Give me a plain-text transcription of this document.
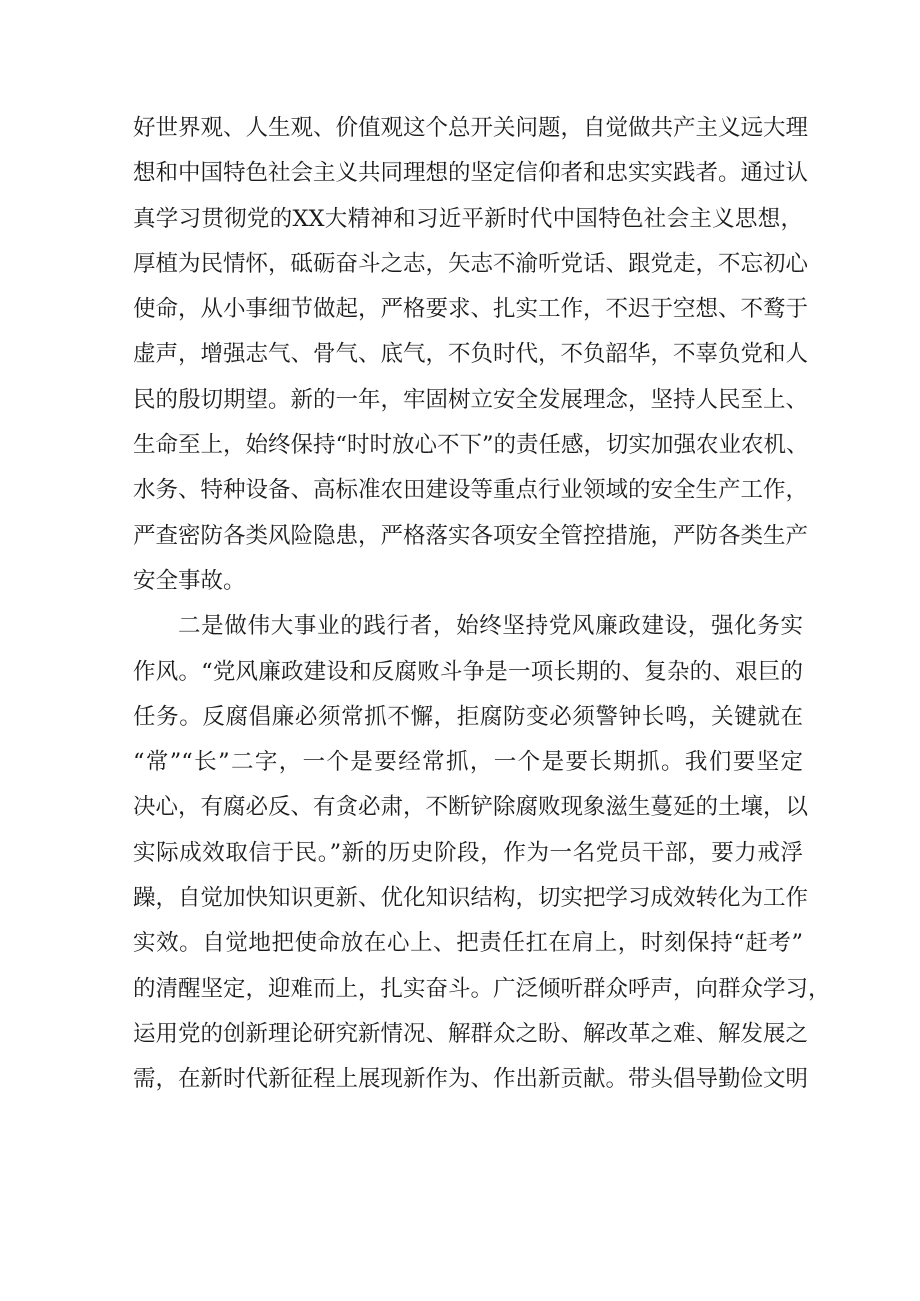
好世界观、人生观、价值观这个总开关问题，自觉做共产主义远大理
想和中国特色社会主义共同理想的坚定信仰者和忠实实践者。通过认
真学习贯彻党的XX大精神和习近平新时代中国特色社会主义思想，
厚植为民情怀，砥砺奋斗之志，矢志不渝听党话、跟党走，不忘初心
使命，从小事细节做起，严格要求、扎实工作，不迟于空想、不鹜于
虚声，增强志气、骨气、底气，不负时代，不负韶华，不辜负党和人
民的殷切期望。新的一年，牢固树立安全发展理念，坚持人民至上、
生命至上，始终保持“时时放心不下”的责任感，切实加强农业农机、
水务、特种设备、高标准农田建设等重点行业领域的安全生产工作，
严查密防各类风险隐患，严格落实各项安全管控措施，严防各类生产
安全事故。
二是做伟大事业的践行者，始终坚持党风廉政建设，强化务实
作风。“党风廉政建设和反腐败斗争是一项长期的、复杂的、艰巨的
任务。反腐倡廉必须常抓不懈，拒腐防变必须警钟长鸣，关键就在
“常”“长”二字，一个是要经常抓，一个是要长期抓。我们要坚定
决心，有腐必反、有贪必肃，不断铲除腐败现象滋生蔓延的土壤，以
实际成效取信于民。”新的历史阶段，作为一名党员干部，要力戒浮
躁，自觉加快知识更新、优化知识结构，切实把学习成效转化为工作
实效。自觉地把使命放在心上、把责任扛在肩上，时刻保持“赶考”
的清醒坚定，迎难而上，扎实奋斗。广泛倾听群众呼声，向群众学习，
运用党的创新理论研究新情况、解群众之盼、解改革之难、解发展之
需，在新时代新征程上展现新作为、作出新贡献。带头倡导勤俭文明
